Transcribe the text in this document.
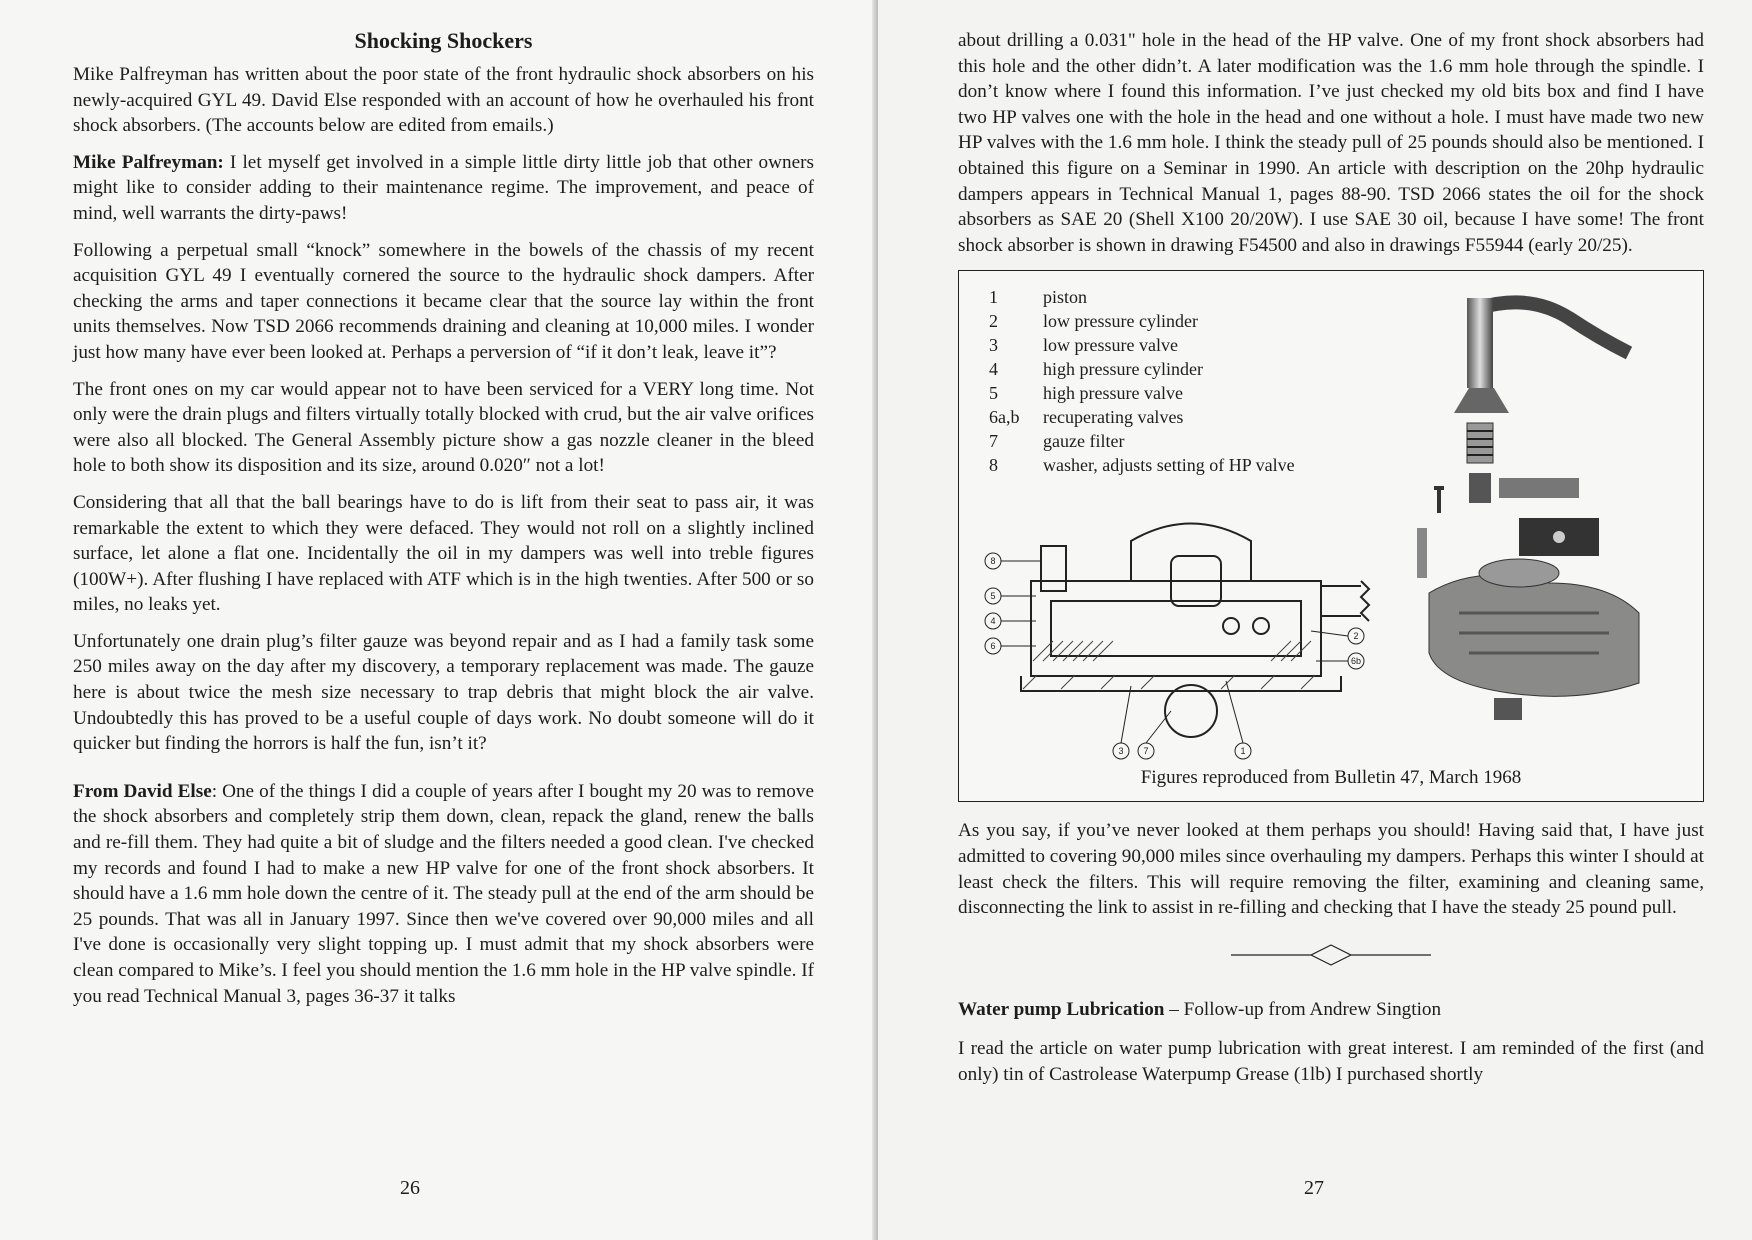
Shocking Shockers

Mike Palfreyman has written about the poor state of the front hydraulic shock absorbers on his newly-acquired GYL 49. David Else responded with an account of how he overhauled his front shock absorbers. (The accounts below are edited from emails.)

Mike Palfreyman: I let myself get involved in a simple little dirty little job that other owners might like to consider adding to their maintenance regime. The improvement, and peace of mind, well warrants the dirty-paws!

Following a perpetual small “knock” somewhere in the bowels of the chassis of my recent acquisition GYL 49 I eventually cornered the source to the hydraulic shock dampers. After checking the arms and taper connections it became clear that the source lay within the front units themselves. Now TSD 2066 recommends draining and cleaning at 10,000 miles. I wonder just how many have ever been looked at. Perhaps a perversion of “if it don’t leak, leave it”?

The front ones on my car would appear not to have been serviced for a VERY long time. Not only were the drain plugs and filters virtually totally blocked with crud, but the air valve orifices were also all blocked. The General Assembly picture show a gas nozzle cleaner in the bleed hole to both show its disposition and its size, around 0.020″ not a lot!

Considering that all that the ball bearings have to do is lift from their seat to pass air, it was remarkable the extent to which they were defaced. They would not roll on a slightly inclined surface, let alone a flat one. Incidentally the oil in my dampers was well into treble figures (100W+). After flushing I have replaced with ATF which is in the high twenties. After 500 or so miles, no leaks yet.

Unfortunately one drain plug’s filter gauze was beyond repair and as I had a family task some 250 miles away on the day after my discovery, a temporary replacement was made. The gauze here is about twice the mesh size necessary to trap debris that might block the air valve. Undoubtedly this has proved to be a useful couple of days work. No doubt someone will do it quicker but finding the horrors is half the fun, isn’t it?

From David Else: One of the things I did a couple of years after I bought my 20 was to remove the shock absorbers and completely strip them down, clean, repack the gland, renew the balls and re-fill them. They had quite a bit of sludge and the filters needed a good clean. I've checked my records and found I had to make a new HP valve for one of the front shock absorbers. It should have a 1.6 mm hole down the centre of it. The steady pull at the end of the arm should be 25 pounds. That was all in January 1997. Since then we've covered over 90,000 miles and all I've done is occasionally very slight topping up. I must admit that my shock absorbers were clean compared to Mike’s. I feel you should mention the 1.6 mm hole in the HP valve spindle. If you read Technical Manual 3, pages 36-37 it talks

26

about drilling a 0.031" hole in the head of the HP valve. One of my front shock absorbers had this hole and the other didn’t. A later modification was the 1.6 mm hole through the spindle. I don’t know where I found this information. I’ve just checked my old bits box and find I have two HP valves one with the hole in the head and one without a hole. I must have made two new HP valves with the 1.6 mm hole. I think the steady pull of 25 pounds should also be mentioned. I obtained this figure on a Seminar in 1990. An article with description on the 20hp hydraulic dampers appears in Technical Manual 1, pages 88-90. TSD 2066 states the oil for the shock absorbers as SAE 20 (Shell X100 20/20W). I use SAE 30 oil, because I have some! The front shock absorber is shown in drawing F54500 and also in drawings F55944 (early 20/25).

1	piston
2	low pressure cylinder
3	low pressure valve
4	high pressure cylinder
5	high pressure valve
6a,b	recuperating valves
7	gauze filter
8	washer, adjusts setting of HP valve
8
5
4
6
2
6b
3 7	1
Figures reproduced from Bulletin 47, March 1968

As you say, if you’ve never looked at them perhaps you should! Having said that, I have just admitted to covering 90,000 miles since overhauling my dampers. Perhaps this winter I should at least check the filters. This will require removing the filter, examining and cleaning same, disconnecting the link to assist in re-filling and checking that I have the steady 25 pound pull.

Water pump Lubrication – Follow-up from Andrew Singtion

I read the article on water pump lubrication with great interest. I am reminded of the first (and only) tin of Castrolease Waterpump Grease (1lb) I purchased shortly

27
